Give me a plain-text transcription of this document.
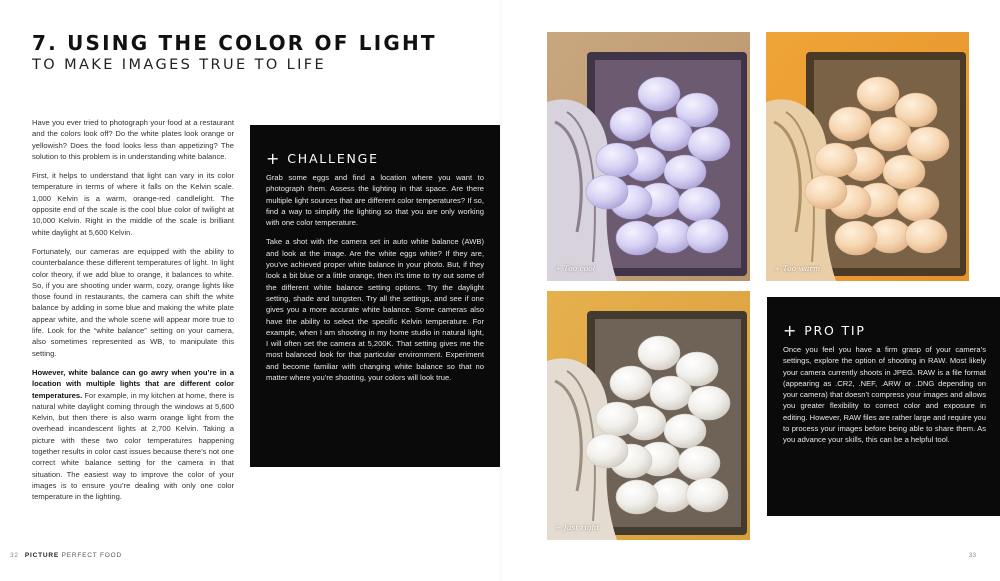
7. USING THE COLOR OF LIGHT
TO MAKE IMAGES TRUE TO LIFE

Have you ever tried to photograph your food at a restaurant and the colors look off? Do the white plates look orange or yellowish? Does the food looks less than appetizing? The solution to this problem is in understanding white balance.

First, it helps to understand that light can vary in its color temperature in terms of where it falls on the Kelvin scale. 1,000 Kelvin is a warm, orange-red candlelight. The opposite end of the scale is the cool blue color of twilight at 10,000 Kelvin. Right in the middle of the scale is brilliant white daylight at 5,600 Kelvin.

Fortunately, our cameras are equipped with the ability to counterbalance these different temperatures of light. In light color theory, if we add blue to orange, it balances to white. So, if you are shooting under warm, cozy, orange lights like those found in restaurants, the camera can shift the white balance by adding in some blue and making the white plate appear white, and the whole scene will appear more true to life. Look for the “white balance” setting on your camera, also sometimes represented as WB, to manipulate this setting.

However, white balance can go awry when you’re in a location with multiple lights that are different color temperatures. For example, in my kitchen at home, there is natural white daylight coming through the windows at 5,600 Kelvin, but then there is also warm orange light from the overhead incandescent lights at 2,700 Kelvin. Taking a picture with these two color temperatures happening together results in color cast issues because there’s not one correct white balance setting for the camera in that situation. The easiest way to improve the color of your images is to ensure you’re dealing with only one color temperature in the lighting.

+ CHALLENGE

Grab some eggs and find a location where you want to photograph them. Assess the lighting in that space. Are there multiple light sources that are different color temperatures? If so, find a way to simplify the lighting so that you are only working with one color temperature.

Take a shot with the camera set in auto white balance (AWB) and look at the image. Are the white eggs white? If they are, you’ve achieved proper white balance in your photo. But, if they look a bit blue or a little orange, then it’s time to try out some of the different white balance setting options. Try the daylight setting, shade and tungsten. Try all the settings, and see if one gives you a more accurate white balance. Some cameras also have the ability to select the specific Kelvin temperature. For example, when I am shooting in my home studio in natural light, I will often set the camera at 5,200K. That setting gives me the most balanced look for that particular environment. Experiment and become familiar with changing white balance so that no matter where you’re shooting, your colors will look true.

+ Too cool	+ Too warm
+ Just right
+ PRO TIP

Once you feel you have a firm grasp of your camera’s settings, explore the option of shooting in RAW. Most likely your camera currently shoots in JPEG. RAW is a file format (appearing as .CR2, .NEF, .ARW or .DNG depending on your camera) that doesn’t compress your images and allows you greater flexibility to correct color and exposure in editing. However, RAW files are rather large and require you to process your images before being able to share them. As you advance your skills, this can be a helpful tool.

32 PICTURE PERFECT FOOD	33
